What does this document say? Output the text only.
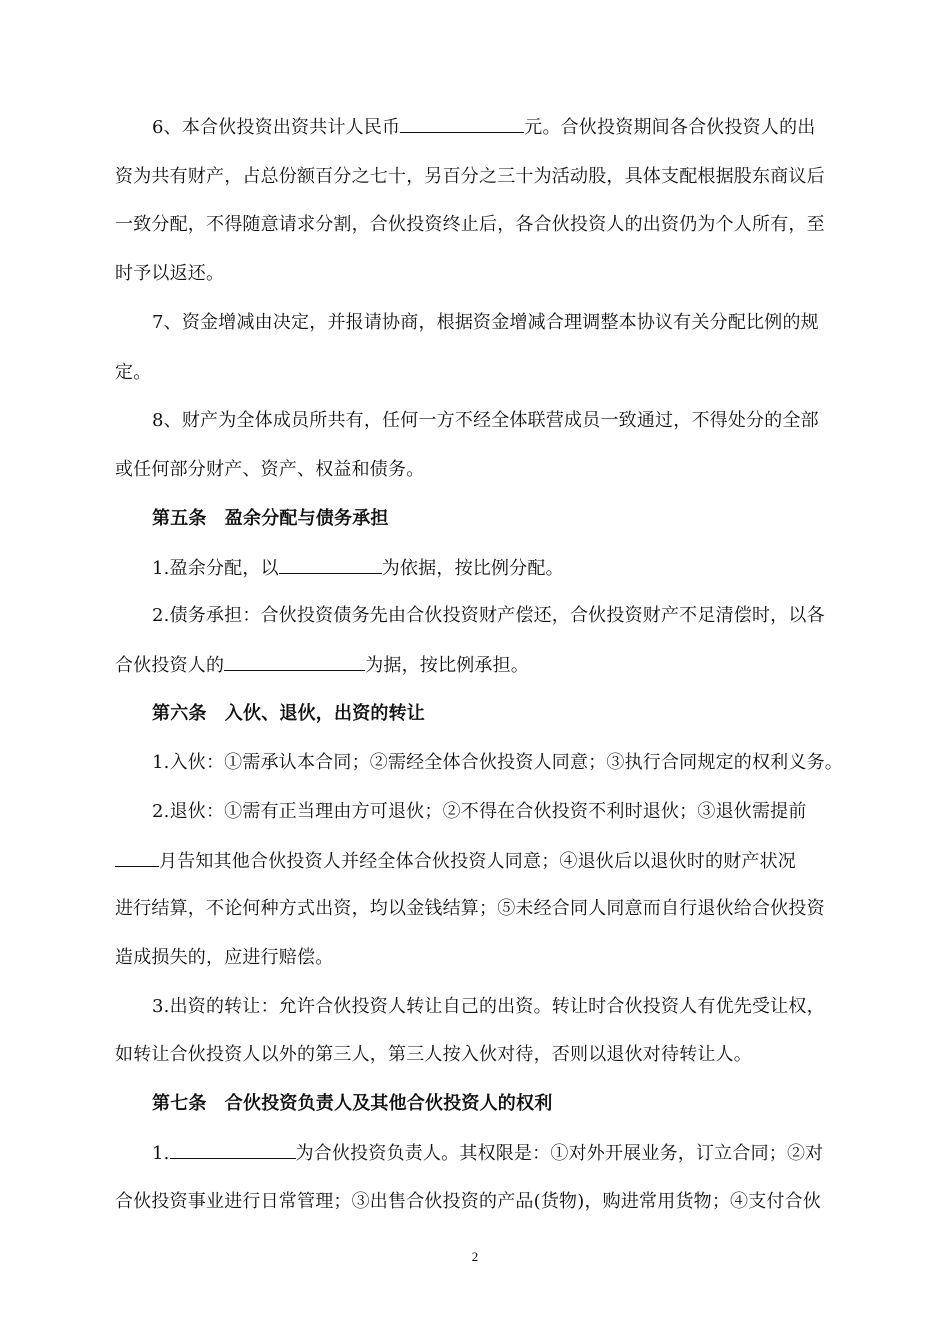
6、本合伙投资出资共计人民币	元。合伙投资期间各合伙投资人的出
资为共有财产，占总份额百分之七十，另百分之三十为活动股，具体支配根据股东商议后
一致分配，不得随意请求分割，合伙投资终止后，各合伙投资人的出资仍为个人所有，至
时予以返还。
7、资金增减由决定，并报请协商，根据资金增减合理调整本协议有关分配比例的规
定。
8、财产为全体成员所共有，任何一方不经全体联营成员一致通过，不得处分的全部
或任何部分财产、资产、权益和债务。
第五条　盈余分配与债务承担
1.盈余分配，以	为依据，按比例分配。
2.债务承担：合伙投资债务先由合伙投资财产偿还，合伙投资财产不足清偿时，以各
合伙投资人的	为据，按比例承担。
第六条　入伙、退伙，出资的转让
1.入伙：①需承认本合同；②需经全体合伙投资人同意；③执行合同规定的权利义务。
2.退伙：①需有正当理由方可退伙；②不得在合伙投资不利时退伙；③退伙需提前
月告知其他合伙投资人并经全体合伙投资人同意；④退伙后以退伙时的财产状况
进行结算，不论何种方式出资，均以金钱结算；⑤未经合同人同意而自行退伙给合伙投资
造成损失的，应进行赔偿。
3.出资的转让：允许合伙投资人转让自己的出资。转让时合伙投资人有优先受让权，
如转让合伙投资人以外的第三人，第三人按入伙对待，否则以退伙对待转让人。
第七条　合伙投资负责人及其他合伙投资人的权利
1.	为合伙投资负责人。其权限是：①对外开展业务，订立合同；②对
合伙投资事业进行日常管理；③出售合伙投资的产品(货物)，购进常用货物；④支付合伙
2
